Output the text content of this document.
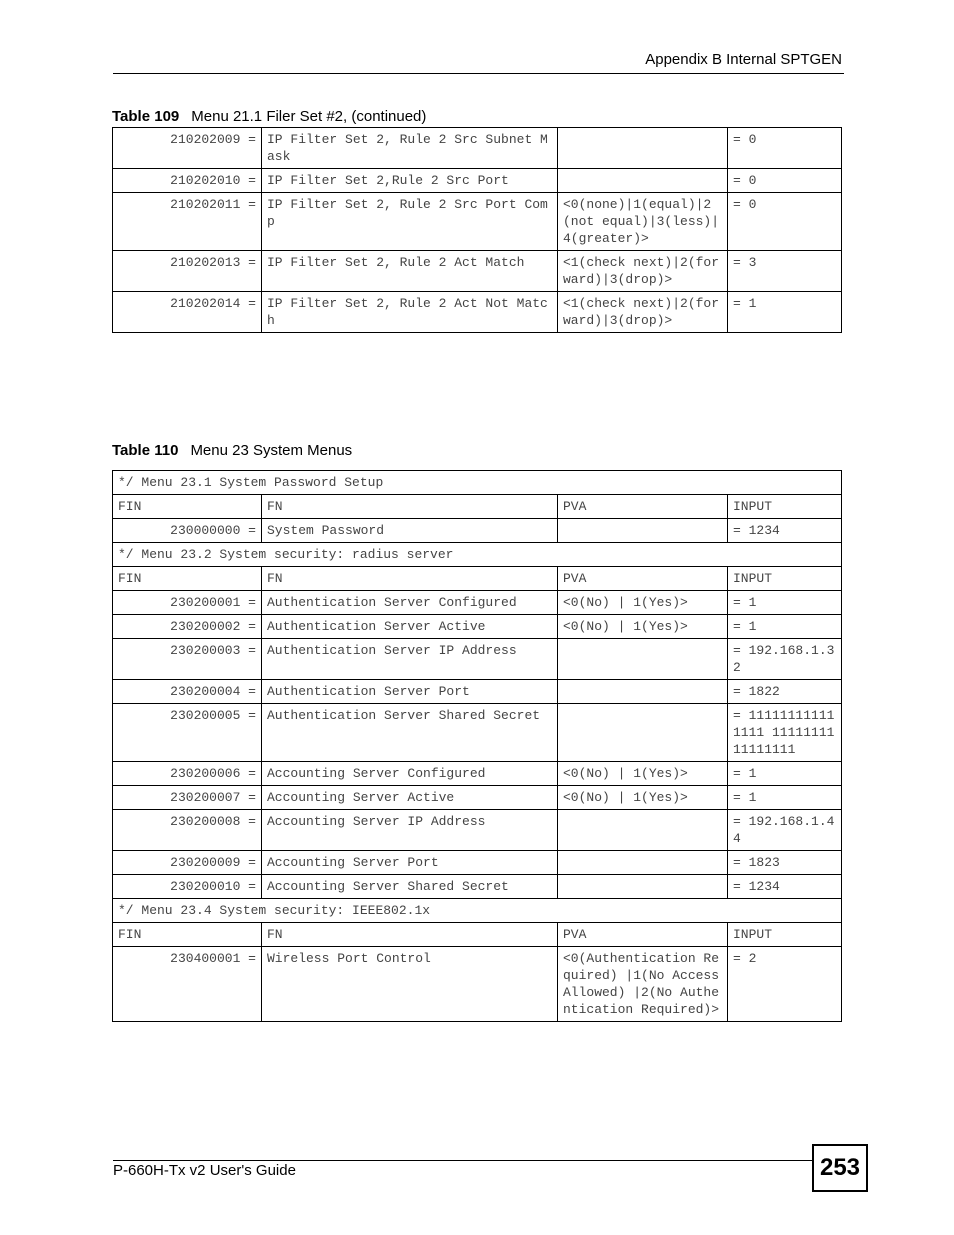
Appendix B Internal SPTGEN
Table 109 Menu 21.1 Filer Set #2, (continued)
210202009 =	IP Filter Set 2, Rule 2 Src Subnet Mask		= 0
210202010 =	IP Filter Set 2,Rule 2 Src Port		= 0
210202011 =	IP Filter Set 2, Rule 2 Src Port Comp	<0(none)|1(equal)|2(not equal)|3(less)|4(greater)>	= 0
210202013 =	IP Filter Set 2, Rule 2 Act Match	<1(check next)|2(forward)|3(drop)>	= 3
210202014 =	IP Filter Set 2, Rule 2 Act Not Match	<1(check next)|2(forward)|3(drop)>	= 1
Table 110 Menu 23 System Menus
*/ Menu 23.1 System Password Setup			
FIN	FN	PVA	INPUT
230000000 =	System Password		= 1234
*/ Menu 23.2 System security: radius server			
FIN	FN	PVA	INPUT
230200001 =	Authentication Server Configured	<0(No) | 1(Yes)>	= 1
230200002 =	Authentication Server Active	<0(No) | 1(Yes)>	= 1
230200003 =	Authentication Server IP Address		= 192.168.1.32
230200004 =	Authentication Server Port		= 1822
230200005 =	Authentication Server Shared Secret		= 111111111111111 1111111111111111
230200006 =	Accounting Server Configured	<0(No) | 1(Yes)>	= 1
230200007 =	Accounting Server Active	<0(No) | 1(Yes)>	= 1
230200008 =	Accounting Server IP Address		= 192.168.1.44
230200009 =	Accounting Server Port		= 1823
230200010 =	Accounting Server Shared Secret		= 1234
*/ Menu 23.4 System security: IEEE802.1x			
FIN	FN	PVA	INPUT
230400001 =	Wireless Port Control	<0(Authentication Required) |1(No Access Allowed) |2(No Authentication Required)>	= 2
P-660H-Tx v2 User's Guide	253
